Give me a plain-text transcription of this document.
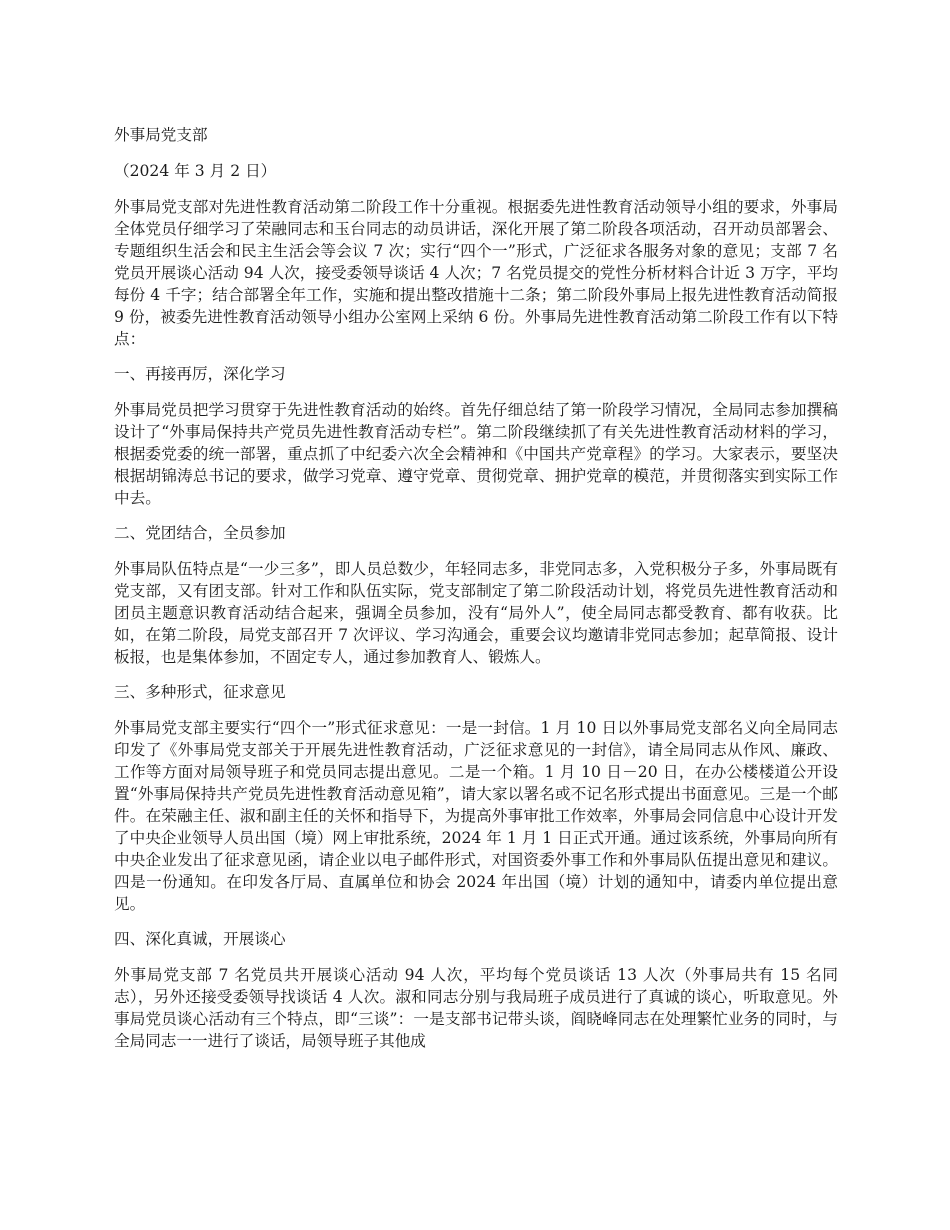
外事局党支部

（2024 年 3 月 2 日）

外事局党支部对先进性教育活动第二阶段工作十分重视。根据委先进性教育活动领导小组的要求，外事局全体党员仔细学习了荣融同志和玉台同志的动员讲话，深化开展了第二阶段各项活动，召开动员部署会、专题组织生活会和民主生活会等会议 7 次；实行“四个一”形式，广泛征求各服务对象的意见；支部 7 名党员开展谈心活动 94 人次，接受委领导谈话 4 人次；7 名党员提交的党性分析材料合计近 3 万字，平均每份 4 千字；结合部署全年工作，实施和提出整改措施十二条；第二阶段外事局上报先进性教育活动简报 9 份，被委先进性教育活动领导小组办公室网上采纳 6 份。外事局先进性教育活动第二阶段工作有以下特点：

一、再接再厉，深化学习

外事局党员把学习贯穿于先进性教育活动的始终。首先仔细总结了第一阶段学习情况，全局同志参加撰稿设计了“外事局保持共产党员先进性教育活动专栏”。第二阶段继续抓了有关先进性教育活动材料的学习，根据委党委的统一部署，重点抓了中纪委六次全会精神和《中国共产党章程》的学习。大家表示，要坚决根据胡锦涛总书记的要求，做学习党章、遵守党章、贯彻党章、拥护党章的模范，并贯彻落实到实际工作中去。

二、党团结合，全员参加

外事局队伍特点是“一少三多”，即人员总数少，年轻同志多，非党同志多，入党积极分子多，外事局既有党支部，又有团支部。针对工作和队伍实际，党支部制定了第二阶段活动计划，将党员先进性教育活动和团员主题意识教育活动结合起来，强调全员参加，没有“局外人”，使全局同志都受教育、都有收获。比如，在第二阶段，局党支部召开 7 次评议、学习沟通会，重要会议均邀请非党同志参加；起草简报、设计板报，也是集体参加，不固定专人，通过参加教育人、锻炼人。

三、多种形式，征求意见

外事局党支部主要实行“四个一”形式征求意见：一是一封信。1 月 10 日以外事局党支部名义向全局同志印发了《外事局党支部关于开展先进性教育活动，广泛征求意见的一封信》，请全局同志从作风、廉政、工作等方面对局领导班子和党员同志提出意见。二是一个箱。1 月 10 日－20 日，在办公楼楼道公开设置“外事局保持共产党员先进性教育活动意见箱”，请大家以署名或不记名形式提出书面意见。三是一个邮件。在荣融主任、淑和副主任的关怀和指导下，为提高外事审批工作效率，外事局会同信息中心设计开发了中央企业领导人员出国（境）网上审批系统，2024 年 1 月 1 日正式开通。通过该系统，外事局向所有中央企业发出了征求意见函，请企业以电子邮件形式，对国资委外事工作和外事局队伍提出意见和建议。四是一份通知。在印发各厅局、直属单位和协会 2024 年出国（境）计划的通知中，请委内单位提出意见。

四、深化真诚，开展谈心

外事局党支部 7 名党员共开展谈心活动 94 人次，平均每个党员谈话 13 人次（外事局共有 15 名同志），另外还接受委领导找谈话 4 人次。淑和同志分别与我局班子成员进行了真诚的谈心，听取意见。外事局党员谈心活动有三个特点，即“三谈”：一是支部书记带头谈，阎晓峰同志在处理繁忙业务的同时，与全局同志一一进行了谈话，局领导班子其他成
